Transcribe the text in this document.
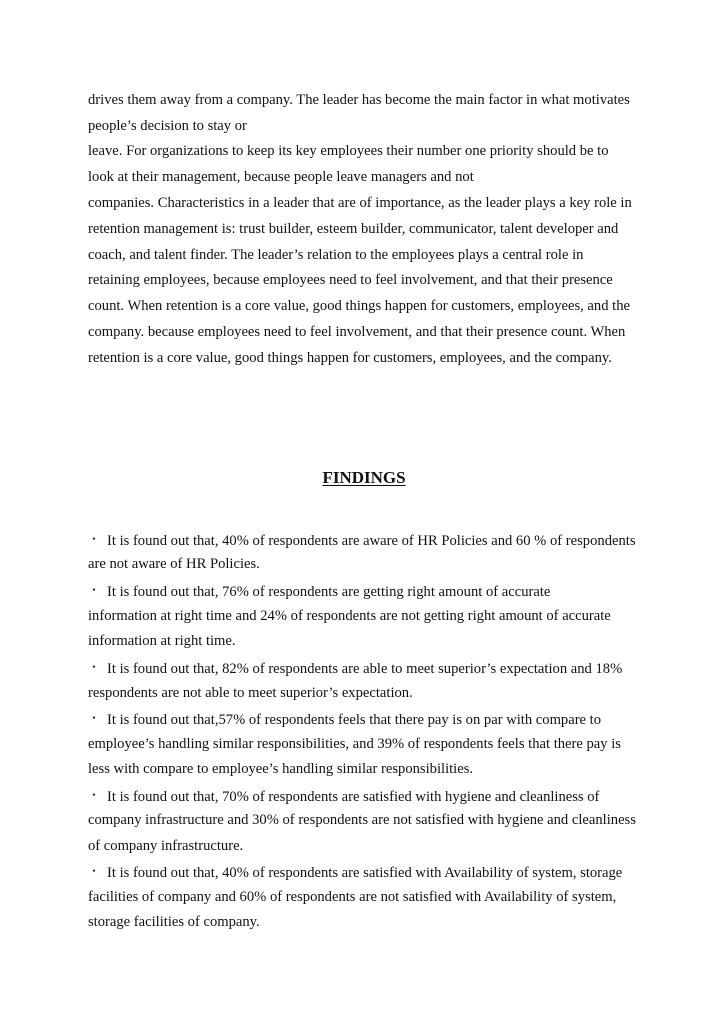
drives them away from a company. The leader has become the main factor in what motivates
people’s decision to stay or
leave. For organizations to keep its key employees their number one priority should be to
look at their management, because people leave managers and not
companies. Characteristics in a leader that are of importance, as the leader plays a key role in
retention management is: trust builder, esteem builder, communicator, talent developer and
coach, and talent finder. The leader’s relation to the employees plays a central role in
retaining employees, because employees need to feel involvement, and that their presence
count. When retention is a core value, good things happen for customers, employees, and the
company. because employees need to feel involvement, and that their presence count. When
retention is a core value, good things happen for customers, employees, and the company.
FINDINGS
・ It is found out that, 40% of respondents are aware of HR Policies and 60 % of respondents
are not aware of HR Policies.
・ It is found out that, 76% of respondents are getting right amount of accurate
information at right time and 24% of respondents are not getting right amount of accurate
information at right time.
・ It is found out that, 82% of respondents are able to meet superior’s expectation and 18%
respondents are not able to meet superior’s expectation.
・ It is found out that,57% of respondents feels that there pay is on par with compare to
employee’s handling similar responsibilities, and 39% of respondents feels that there pay is
less with compare to employee’s handling similar responsibilities.
・ It is found out that, 70% of respondents are satisfied with hygiene and cleanliness of
company infrastructure and 30% of respondents are not satisfied with hygiene and cleanliness
of company infrastructure.
・ It is found out that, 40% of respondents are satisfied with Availability of system, storage
facilities of company and 60% of respondents are not satisfied with Availability of system,
storage facilities of company.
